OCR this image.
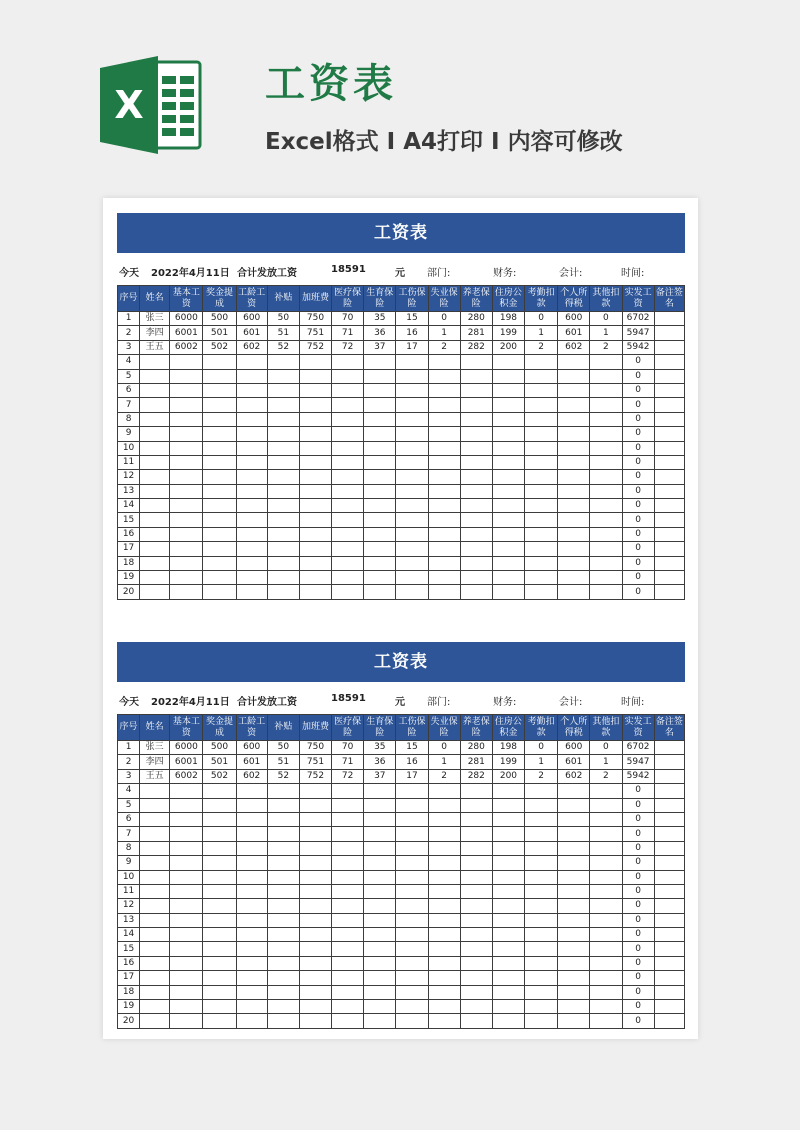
X	工资表
Excel格式 I A4打印 I 内容可修改
工资表
今天 2022年4月11日 合计发放工资	18591	元 部门:	财务:	会计:	时间:
序号	姓名	基本工资	奖金提成	工龄工资	补贴	加班费	医疗保险	生育保险	工伤保险	失业保险	养老保险	住房公积金	考勤扣款	个人所得税	其他扣款	实发工资	备注签名
1	张三	6000	500	600	50	750	70	35	15	0	280	198	0	600	0	6702	
2	李四	6001	501	601	51	751	71	36	16	1	281	199	1	601	1	5947	
3	王五	6002	502	602	52	752	72	37	17	2	282	200	2	602	2	5942	
4																0	
5																0	
6																0	
7																0	
8																0	
9																0	
10																0	
11																0	
12																0	
13																0	
14																0	
15																0	
16																0	
17																0	
18																0	
19																0	
20																0	
工资表
今天 2022年4月11日 合计发放工资	18591	元 部门:	财务:	会计:	时间:
序号	姓名	基本工资	奖金提成	工龄工资	补贴	加班费	医疗保险	生育保险	工伤保险	失业保险	养老保险	住房公积金	考勤扣款	个人所得税	其他扣款	实发工资	备注签名
1	张三	6000	500	600	50	750	70	35	15	0	280	198	0	600	0	6702	
2	李四	6001	501	601	51	751	71	36	16	1	281	199	1	601	1	5947	
3	王五	6002	502	602	52	752	72	37	17	2	282	200	2	602	2	5942	
4																0	
5																0	
6																0	
7																0	
8																0	
9																0	
10																0	
11																0	
12																0	
13																0	
14																0	
15																0	
16																0	
17																0	
18																0	
19																0	
20																0	
